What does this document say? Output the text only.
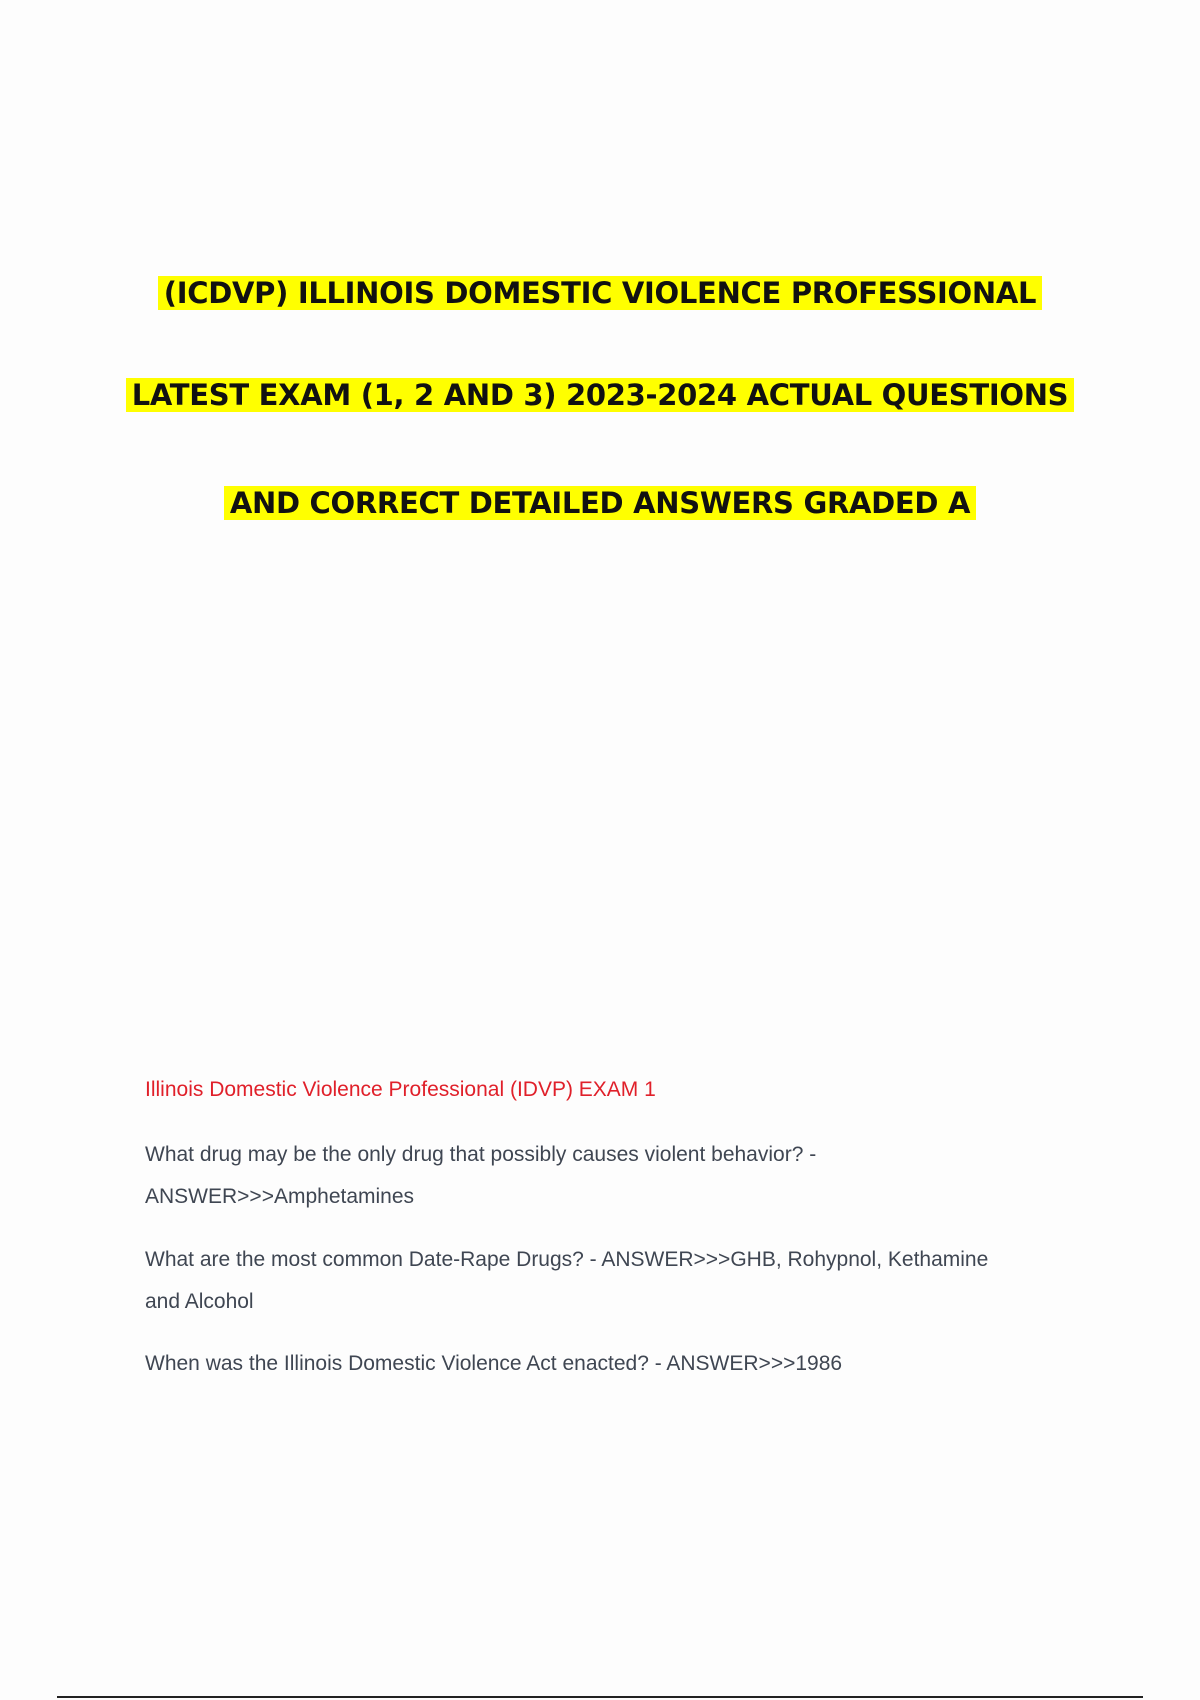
(ICDVP) ILLINOIS DOMESTIC VIOLENCE PROFESSIONAL
LATEST EXAM (1, 2 AND 3) 2023-2024 ACTUAL QUESTIONS
AND CORRECT DETAILED ANSWERS GRADED A

Illinois Domestic Violence Professional (IDVP) EXAM 1

What drug may be the only drug that possibly causes violent behavior? - ANSWER>>>Amphetamines

What are the most common Date-Rape Drugs? - ANSWER>>>GHB, Rohypnol, Kethamine and Alcohol

When was the Illinois Domestic Violence Act enacted? - ANSWER>>>1986
